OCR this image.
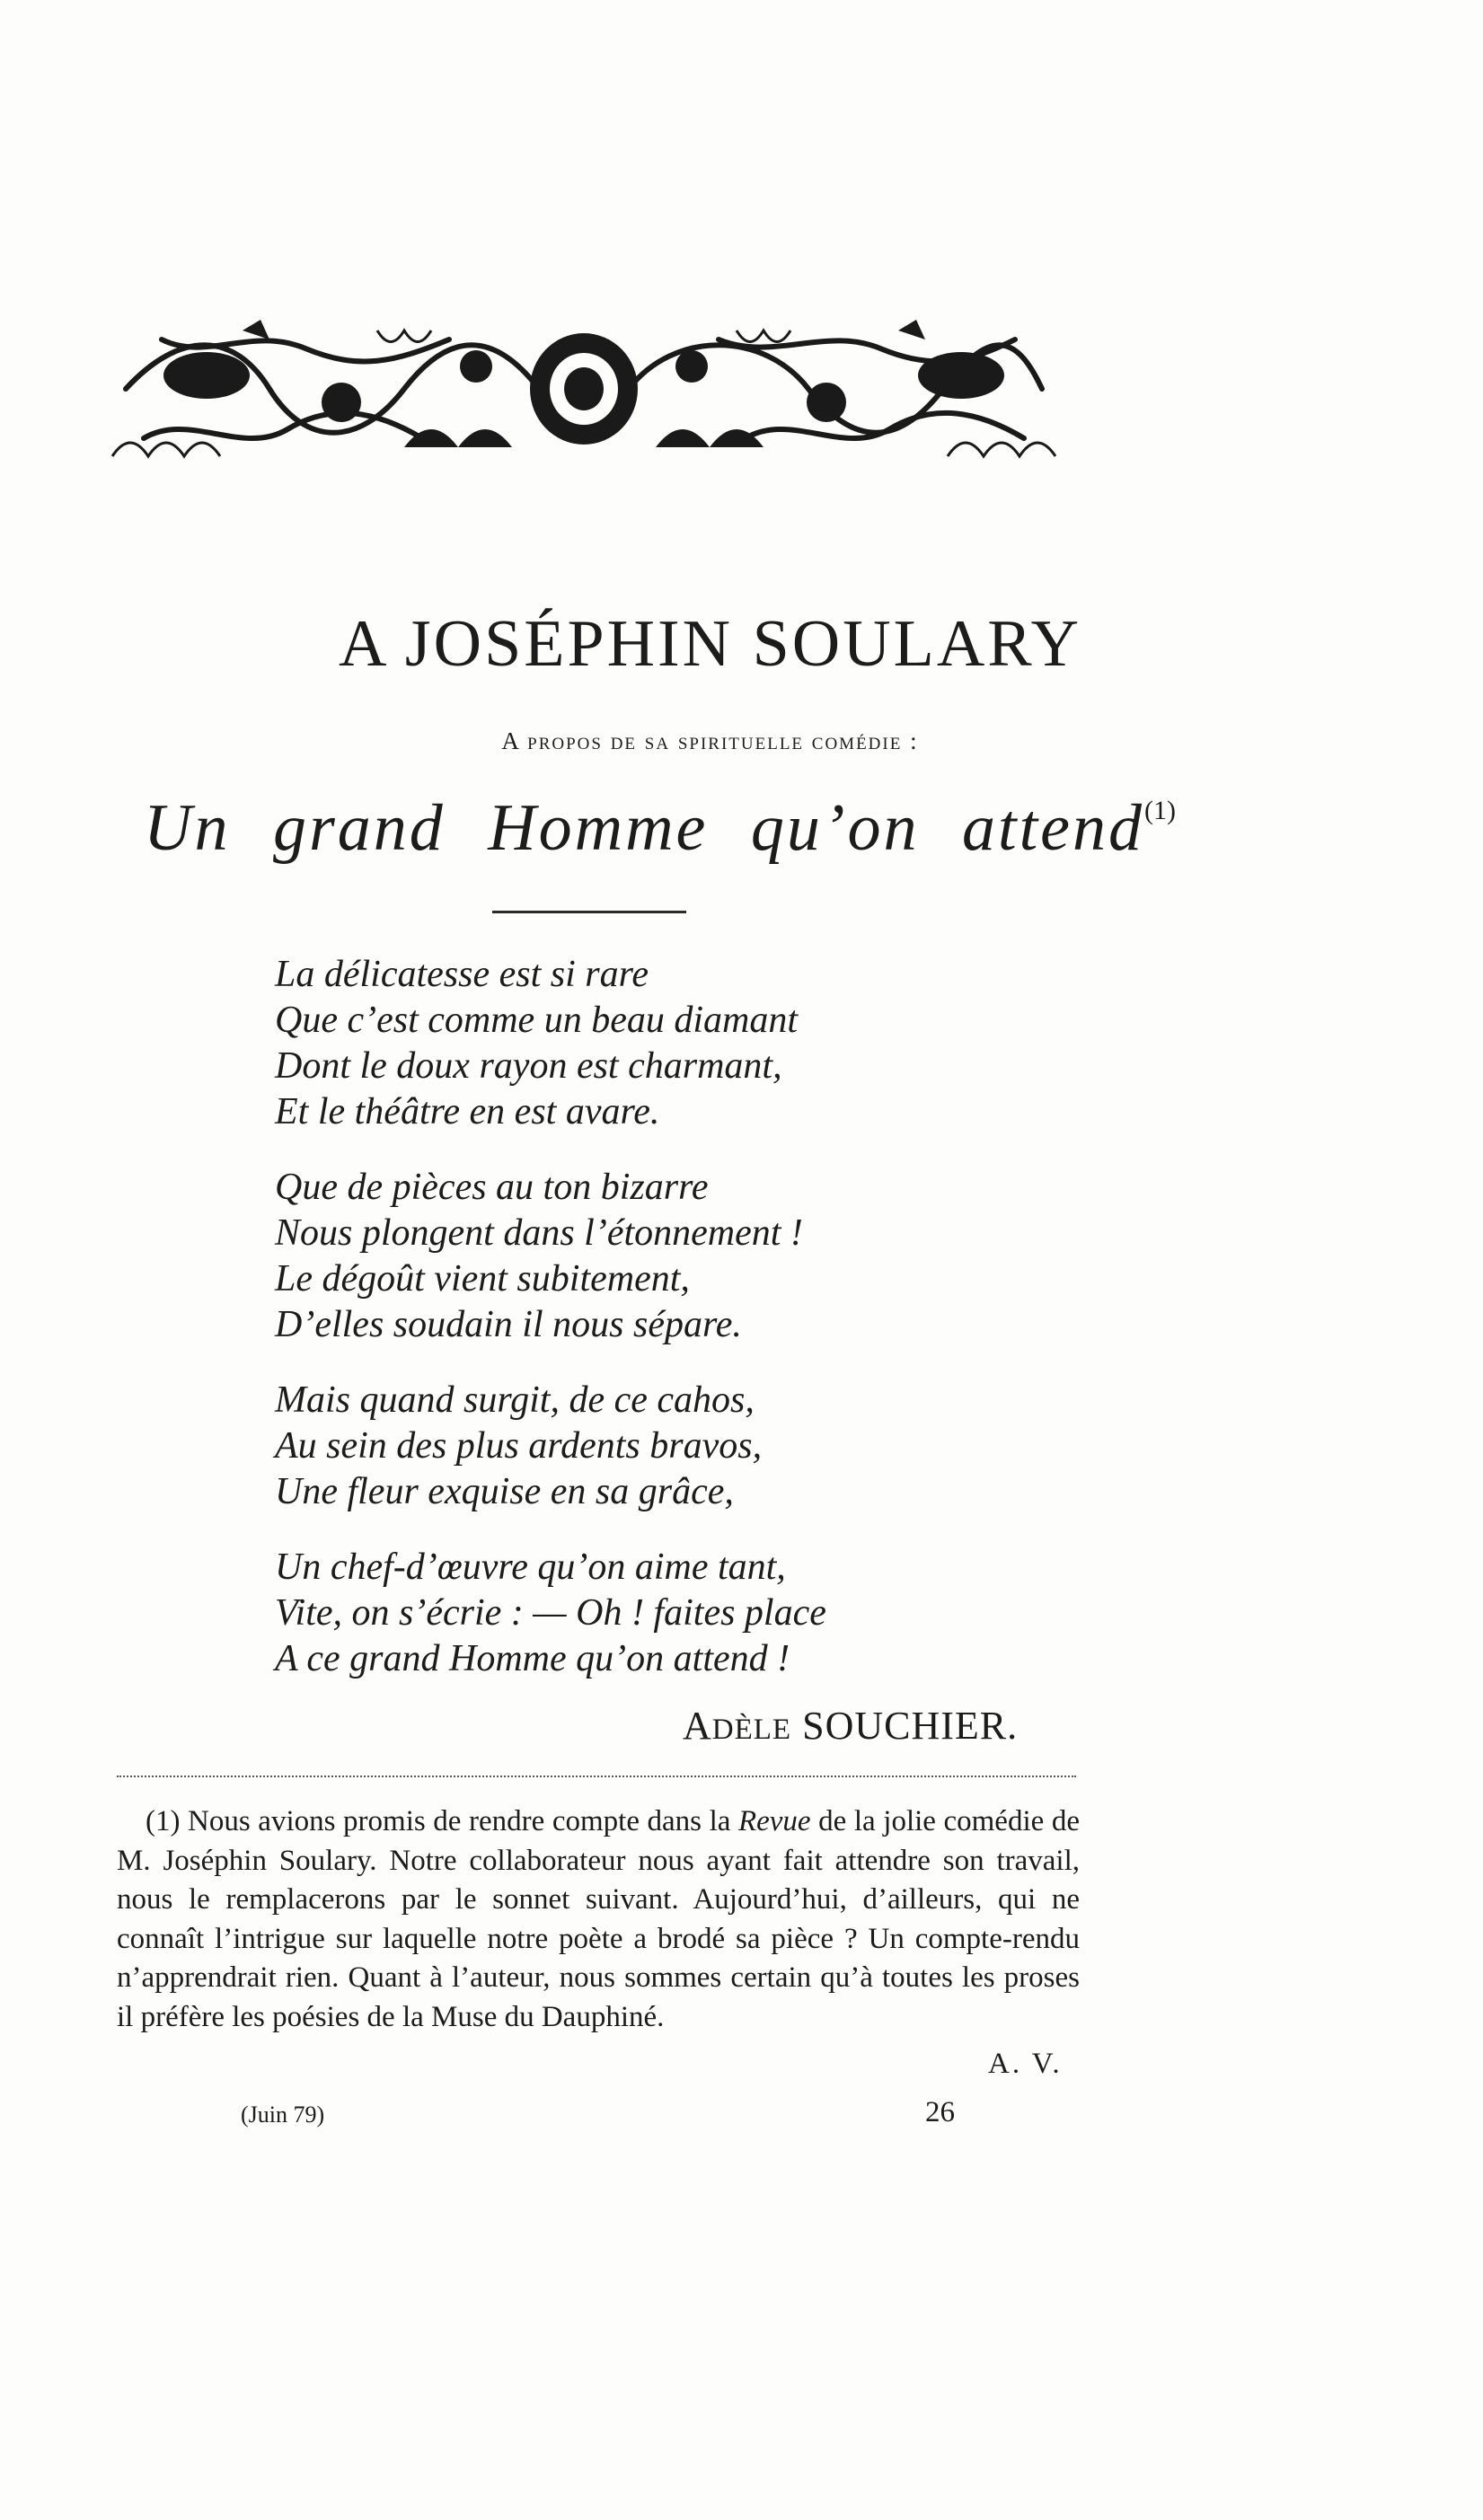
A JOSÉPHIN SOULARY
A propos de sa spirituelle comédie :
Un grand Homme qu’on attend$^{(1)}$
La délicatesse est si rare
Que c’est comme un beau diamant
Dont le doux rayon est charmant,
Et le théâtre en est avare.
Que de pièces au ton bizarre
Nous plongent dans l’étonnement !
Le dégoût vient subitement,
D’elles soudain il nous sépare.
Mais quand surgit, de ce cahos,
Au sein des plus ardents bravos,
Une fleur exquise en sa grâce,
Un chef-d’œuvre qu’on aime tant,
Vite, on s’écrie : — Oh ! faites place
A ce grand Homme qu’on attend !
ADÈLE SOUCHIER.

(1) Nous avions promis de rendre compte dans la Revue de la jolie comédie de M. Joséphin Soulary. Notre collaborateur nous ayant fait attendre son travail, nous le remplacerons par le sonnet suivant. Aujourd’hui, d’ailleurs, qui ne connaît l’intrigue sur laquelle notre poète a brodé sa pièce ? Un compte-rendu n’apprendrait rien. Quant à l’auteur, nous sommes certain qu’à toutes les proses il préfère les poésies de la Muse du Dauphiné.

A. V.
(Juin 79)	26
